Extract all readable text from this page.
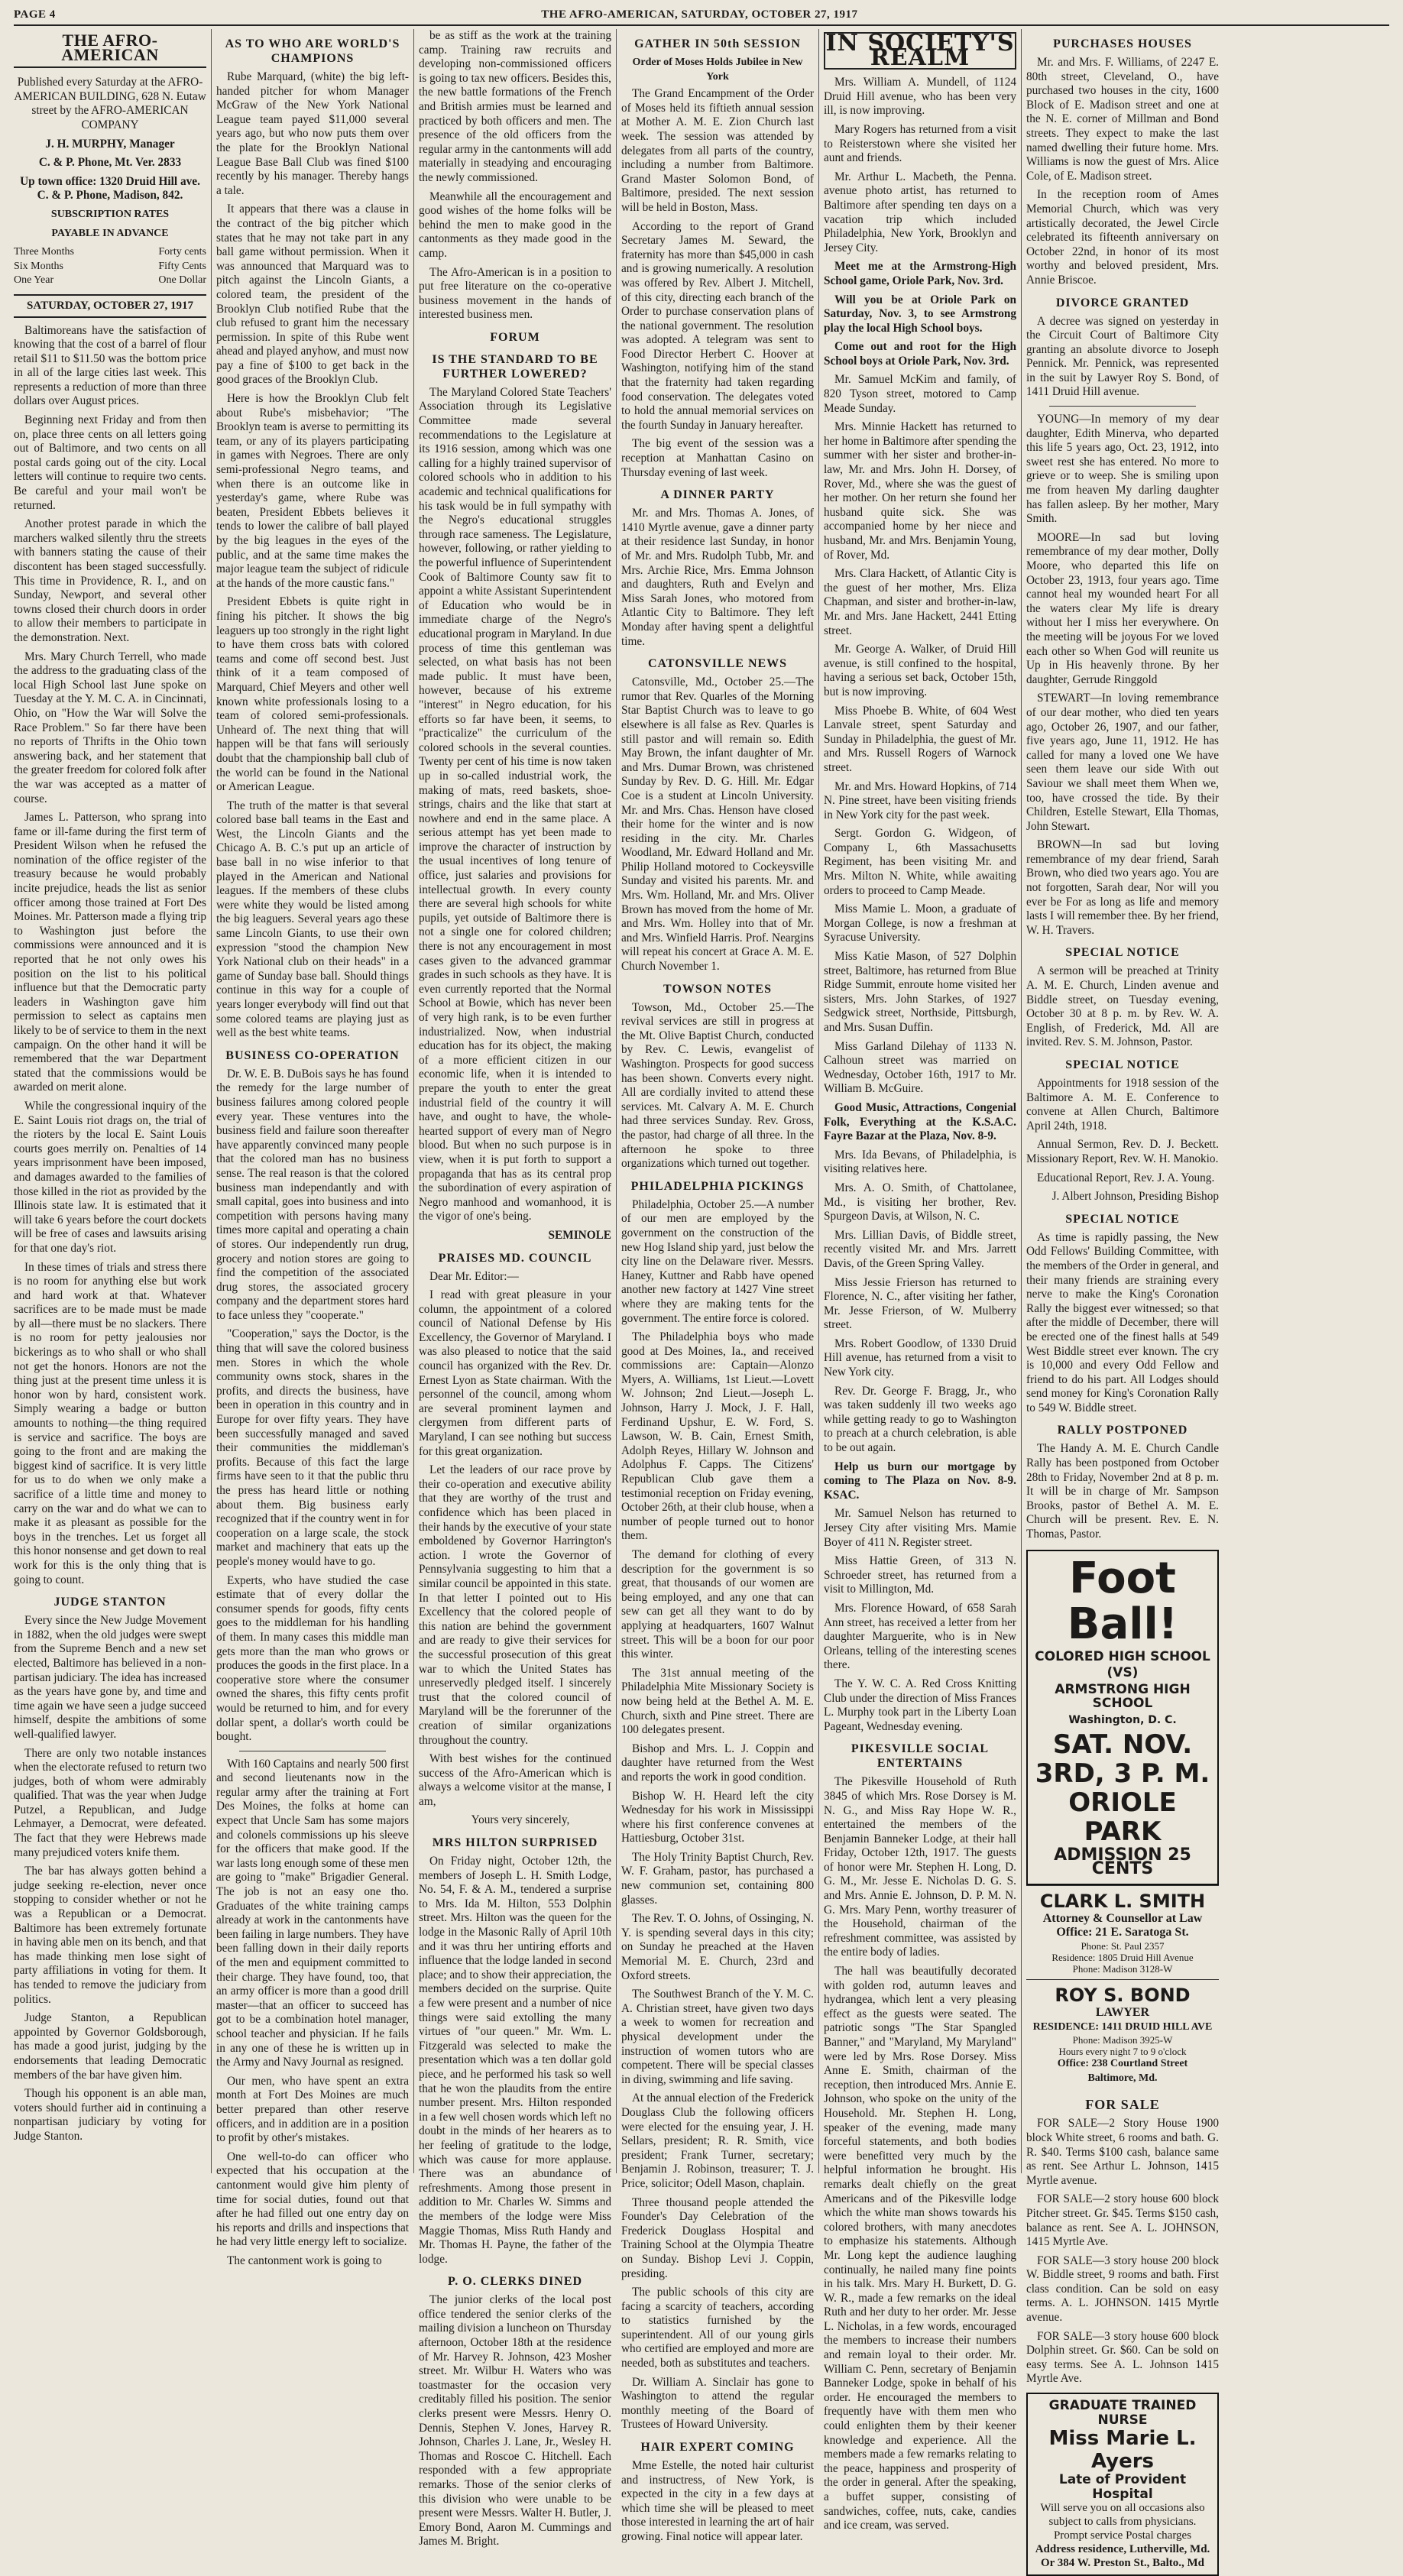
PAGE 4	THE AFRO-AMERICAN, SATURDAY, OCTOBER 27, 1917
THE AFRO-AMERICAN

Published every Saturday at the AFRO-AMERICAN BUILDING, 628 N. Eutaw street by the AFRO-AMERICAN COMPANY

J. H. MURPHY, Manager

C. & P. Phone, Mt. Ver. 2833

Up town office: 1320 Druid Hill ave. C. & P. Phone, Madison, 842.

SUBSCRIPTION RATES
PAYABLE IN ADVANCE
Three Months	Forty cents
Six Months	Fifty Cents
One Year	One Dollar
SATURDAY, OCTOBER 27, 1917

Baltimoreans have the satisfaction of knowing that the cost of a barrel of flour retail $11 to $11.50 was the bottom price in all of the large cities last week. This represents a reduction of more than three dollars over August prices.

Beginning next Friday and from then on, place three cents on all letters going out of Baltimore, and two cents on all postal cards going out of the city. Local letters will continue to require two cents. Be careful and your mail won't be returned.

Another protest parade in which the marchers walked silently thru the streets with banners stating the cause of their discontent has been staged successfully. This time in Providence, R. I., and on Sunday, Newport, and several other towns closed their church doors in order to allow their members to participate in the demonstration. Next.

Mrs. Mary Church Terrell, who made the address to the graduating class of the local High School last June spoke on Tuesday at the Y. M. C. A. in Cincinnati, Ohio, on "How the War will Solve the Race Problem." So far there have been no reports of Thrifts in the Ohio town answering back, and her statement that the greater freedom for colored folk after the war was accepted as a matter of course.

James L. Patterson, who sprang into fame or ill-fame during the first term of President Wilson when he refused the nomination of the office register of the treasury because he would probably incite prejudice, heads the list as senior officer among those trained at Fort Des Moines. Mr. Patterson made a flying trip to Washington just before the commissions were announced and it is reported that he not only owes his position on the list to his political influence but that the Democratic party leaders in Washington gave him permission to select as captains men likely to be of service to them in the next campaign. On the other hand it will be remembered that the war Department stated that the commissions would be awarded on merit alone.

While the congressional inquiry of the E. Saint Louis riot drags on, the trial of the rioters by the local E. Saint Louis courts goes merrily on. Penalties of 14 years imprisonment have been imposed, and damages awarded to the families of those killed in the riot as provided by the Illinois state law. It is estimated that it will take 6 years before the court dockets will be free of cases and lawsuits arising for that one day's riot.

In these times of trials and stress there is no room for anything else but work and hard work at that. Whatever sacrifices are to be made must be made by all—there must be no slackers. There is no room for petty jealousies nor bickerings as to who shall or who shall not get the honors. Honors are not the thing just at the present time unless it is honor won by hard, consistent work. Simply wearing a badge or button amounts to nothing—the thing required is service and sacrifice. The boys are going to the front and are making the biggest kind of sacrifice. It is very little for us to do when we only make a sacrifice of a little time and money to carry on the war and do what we can to make it as pleasant as possible for the boys in the trenches. Let us forget all this honor nonsense and get down to real work for this is the only thing that is going to count.

JUDGE STANTON

Every since the New Judge Movement in 1882, when the old judges were swept from the Supreme Bench and a new set elected, Baltimore has believed in a non-partisan judiciary. The idea has increased as the years have gone by, and time and time again we have seen a judge succeed himself, despite the ambitions of some well-qualified lawyer.

There are only two notable instances when the electorate refused to return two judges, both of whom were admirably qualified. That was the year when Judge Putzel, a Republican, and Judge Lehmayer, a Democrat, were defeated. The fact that they were Hebrews made many prejudiced voters knife them.

The bar has always gotten behind a judge seeking re-election, never once stopping to consider whether or not he was a Republican or a Democrat. Baltimore has been extremely fortunate in having able men on its bench, and that has made thinking men lose sight of party affiliations in voting for them. It has tended to remove the judiciary from politics.

Judge Stanton, a Republican appointed by Governor Goldsborough, has made a good jurist, judging by the endorsements that leading Democratic members of the bar have given him.

Though his opponent is an able man, voters should further aid in continuing a nonpartisan judiciary by voting for Judge Stanton.

AS TO WHO ARE WORLD'S CHAMPIONS

Rube Marquard, (white) the big left-handed pitcher for whom Manager McGraw of the New York National League team payed $11,000 several years ago, but who now puts them over the plate for the Brooklyn National League Base Ball Club was fined $100 recently by his manager. Thereby hangs a tale.

It appears that there was a clause in the contract of the big pitcher which states that he may not take part in any ball game without permission. When it was announced that Marquard was to pitch against the Lincoln Giants, a colored team, the president of the Brooklyn Club notified Rube that the club refused to grant him the necessary permission. In spite of this Rube went ahead and played anyhow, and must now pay a fine of $100 to get back in the good graces of the Brooklyn Club.

Here is how the Brooklyn Club felt about Rube's misbehavior; "The Brooklyn team is averse to permitting its team, or any of its players participating in games with Negroes. There are only semi-professional Negro teams, and when there is an outcome like in yesterday's game, where Rube was beaten, President Ebbets believes it tends to lower the calibre of ball played by the big leagues in the eyes of the public, and at the same time makes the major league team the subject of ridicule at the hands of the more caustic fans."

President Ebbets is quite right in fining his pitcher. It shows the big leaguers up too strongly in the right light to have them cross bats with colored teams and come off second best. Just think of it a team composed of Marquard, Chief Meyers and other well known white professionals losing to a team of colored semi-professionals. Unheard of. The next thing that will happen will be that fans will seriously doubt that the championship ball club of the world can be found in the National or American League.

The truth of the matter is that several colored base ball teams in the East and West, the Lincoln Giants and the Chicago A. B. C.'s put up an article of base ball in no wise inferior to that played in the American and National leagues. If the members of these clubs were white they would be listed among the big leaguers. Several years ago these same Lincoln Giants, to use their own expression "stood the champion New York National club on their heads" in a game of Sunday base ball. Should things continue in this way for a couple of years longer everybody will find out that some colored teams are playing just as well as the best white teams.

BUSINESS CO-OPERATION

Dr. W. E. B. DuBois says he has found the remedy for the large number of business failures among colored people every year. These ventures into the business field and failure soon thereafter have apparently convinced many people that the colored man has no business sense. The real reason is that the colored business man independantly and with small capital, goes into business and into competition with persons having many times more capital and operating a chain of stores. Our independently run drug, grocery and notion stores are going to find the competition of the associated drug stores, the associated grocery company and the department stores hard to face unless they "cooperate."

"Cooperation," says the Doctor, is the thing that will save the colored business men. Stores in which the whole community owns stock, shares in the profits, and directs the business, have been in operation in this country and in Europe for over fifty years. They have been successfully managed and saved their communities the middleman's profits. Because of this fact the large firms have seen to it that the public thru the press has heard little or nothing about them. Big business early recognized that if the country went in for cooperation on a large scale, the stock market and machinery that eats up the people's money would have to go.

Experts, who have studied the case estimate that of every dollar the consumer spends for goods, fifty cents goes to the middleman for his handling of them. In many cases this middle man gets more than the man who grows or produces the goods in the first place. In a cooperative store where the consumer owned the shares, this fifty cents profit would be returned to him, and for every dollar spent, a dollar's worth could be bought.

With 160 Captains and nearly 500 first and second lieutenants now in the regular army after the training at Fort Des Moines, the folks at home can expect that Uncle Sam has some majors and colonels commissions up his sleeve for the officers that make good. If the war lasts long enough some of these men are going to "make" Brigadier General. The job is not an easy one tho. Graduates of the white training camps already at work in the cantonments have been failing in large numbers. They have been falling down in their daily reports of the men and equipment committed to their charge. They have found, too, that an army officer is more than a good drill master—that an officer to succeed has got to be a combination hotel manager, school teacher and physician. If he fails in any one of these he is written up in the Army and Navy Journal as resigned.

Our men, who have spent an extra month at Fort Des Moines are much better prepared than other reserve officers, and in addition are in a position to profit by other's mistakes.

One well-to-do can officer who expected that his occupation at the cantonment would give him plenty of time for social duties, found out that after he had filled out one entry day on his reports and drills and inspections that he had very little energy left to socialize.

The cantonment work is going to

be as stiff as the work at the training camp. Training raw recruits and developing non-commissioned officers is going to tax new officers. Besides this, the new battle formations of the French and British armies must be learned and practiced by both officers and men. The presence of the old officers from the regular army in the cantonments will add materially in steadying and encouraging the newly commissioned.

Meanwhile all the encouragement and good wishes of the home folks will be behind the men to make good in the cantonments as they made good in the camp.

The Afro-American is in a position to put free literature on the co-operative business movement in the hands of interested business men.

FORUM
IS THE STANDARD TO BE FURTHER LOWERED?

The Maryland Colored State Teachers' Association through its Legislative Committee made several recommendations to the Legislature at its 1916 session, among which was one calling for a highly trained supervisor of colored schools who in addition to his academic and technical qualifications for his task would be in full sympathy with the Negro's educational struggles through race sameness. The Legislature, however, following, or rather yielding to the powerful influence of Superintendent Cook of Baltimore County saw fit to appoint a white Assistant Superintendent of Education who would be in immediate charge of the Negro's educational program in Maryland. In due process of time this gentleman was selected, on what basis has not been made public. It must have been, however, because of his extreme "interest" in Negro education, for his efforts so far have been, it seems, to "practicalize" the curriculum of the colored schools in the several counties. Twenty per cent of his time is now taken up in so-called industrial work, the making of mats, reed baskets, shoe-strings, chairs and the like that start at nowhere and end in the same place. A serious attempt has yet been made to improve the character of instruction by the usual incentives of long tenure of office, just salaries and provisions for intellectual growth. In every county there are several high schools for white pupils, yet outside of Baltimore there is not a single one for colored children; there is not any encouragement in most cases given to the advanced grammar grades in such schools as they have. It is even currently reported that the Normal School at Bowie, which has never been of very high rank, is to be even further industrialized. Now, when industrial education has for its object, the making of a more efficient citizen in our economic life, when it is intended to prepare the youth to enter the great industrial field of the country it will have, and ought to have, the whole-hearted support of every man of Negro blood. But when no such purpose is in view, when it is put forth to support a propaganda that has as its central prop the subordination of every aspiration of Negro manhood and womanhood, it is the vigor of one's being.

SEMINOLE

PRAISES MD. COUNCIL

Dear Mr. Editor:—

I read with great pleasure in your column, the appointment of a colored council of National Defense by His Excellency, the Governor of Maryland. I was also pleased to notice that the said council has organized with the Rev. Dr. Ernest Lyon as State chairman. With the personnel of the council, among whom are several prominent laymen and clergymen from different parts of Maryland, I can see nothing but success for this great organization.

Let the leaders of our race prove by their co-operation and executive ability that they are worthy of the trust and confidence which has been placed in their hands by the executive of your state emboldened by Governor Harrington's action. I wrote the Governor of Pennsylvania suggesting to him that a similar council be appointed in this state. In that letter I pointed out to His Excellency that the colored people of this nation are behind the government and are ready to give their services for the successful prosecution of this great war to which the United States has unreservedly pledged itself. I sincerely trust that the colored council of Maryland will be the forerunner of the creation of similar organizations throughout the country.

With best wishes for the continued success of the Afro-American which is always a welcome visitor at the manse, I am,

Yours very sincerely,

MRS HILTON SURPRISED

On Friday night, October 12th, the members of Joseph L. H. Smith Lodge, No. 54, F. & A. M., tendered a surprise to Mrs. Ida M. Hilton, 553 Dolphin street. Mrs. Hilton was the queen for the lodge in the Masonic Rally of April 10th and it was thru her untiring efforts and influence that the lodge landed in second place; and to show their appreciation, the members decided on the surprise. Quite a few were present and a number of nice things were said extolling the many virtues of "our queen." Mr. Wm. L. Fitzgerald was selected to make the presentation which was a ten dollar gold piece, and he performed his task so well that he won the plaudits from the entire number present. Mrs. Hilton responded in a few well chosen words which left no doubt in the minds of her hearers as to her feeling of gratitude to the lodge, which was cause for more applause. There was an abundance of refreshments. Among those present in addition to Mr. Charles W. Simms and the members of the lodge were Miss Maggie Thomas, Miss Ruth Handy and Mr. Thomas H. Payne, the father of the lodge.

P. O. CLERKS DINED

The junior clerks of the local post office tendered the senior clerks of the mailing division a luncheon on Thursday afternoon, October 18th at the residence of Mr. Harvey R. Johnson, 423 Mosher street. Mr. Wilbur H. Waters who was toastmaster for the occasion very creditably filled his position. The senior clerks present were Messrs. Henry O. Dennis, Stephen V. Jones, Harvey R. Johnson, Charles J. Lane, Jr., Wesley H. Thomas and Roscoe C. Hitchell. Each responded with a few appropriate remarks. Those of the senior clerks of this division who were unable to be present were Messrs. Walter H. Butler, J. Emory Bond, Aaron M. Cummings and James M. Bright.

GATHER IN 50th SESSION
Order of Moses Holds Jubilee in New York

The Grand Encampment of the Order of Moses held its fiftieth annual session at Mother A. M. E. Zion Church last week. The session was attended by delegates from all parts of the country, including a number from Baltimore. Grand Master Solomon Bond, of Baltimore, presided. The next session will be held in Boston, Mass.

According to the report of Grand Secretary James M. Seward, the fraternity has more than $45,000 in cash and is growing numerically. A resolution was offered by Rev. Albert J. Mitchell, of this city, directing each branch of the Order to purchase conservation plans of the national government. The resolution was adopted. A telegram was sent to Food Director Herbert C. Hoover at Washington, notifying him of the stand that the fraternity had taken regarding food conservation. The delegates voted to hold the annual memorial services on the fourth Sunday in January hereafter.

The big event of the session was a reception at Manhattan Casino on Thursday evening of last week.

A DINNER PARTY

Mr. and Mrs. Thomas A. Jones, of 1410 Myrtle avenue, gave a dinner party at their residence last Sunday, in honor of Mr. and Mrs. Rudolph Tubb, Mr. and Mrs. Archie Rice, Mrs. Emma Johnson and daughters, Ruth and Evelyn and Miss Sarah Jones, who motored from Atlantic City to Baltimore. They left Monday after having spent a delightful time.

CATONSVILLE NEWS

Catonsville, Md., October 25.—The rumor that Rev. Quarles of the Morning Star Baptist Church was to leave to go elsewhere is all false as Rev. Quarles is still pastor and will remain so. Edith May Brown, the infant daughter of Mr. and Mrs. Dumar Brown, was christened Sunday by Rev. D. G. Hill. Mr. Edgar Coe is a student at Lincoln University. Mr. and Mrs. Chas. Henson have closed their home for the winter and is now residing in the city. Mr. Charles Woodland, Mr. Edward Holland and Mr. Philip Holland motored to Cockeysville Sunday and visited his parents. Mr. and Mrs. Wm. Holland, Mr. and Mrs. Oliver Brown has moved from the home of Mr. and Mrs. Wm. Holley into that of Mr. and Mrs. Winfield Harris. Prof. Neargins will repeat his concert at Grace A. M. E. Church November 1.

TOWSON NOTES

Towson, Md., October 25.—The revival services are still in progress at the Mt. Olive Baptist Church, conducted by Rev. C. Lewis, evangelist of Washington. Prospects for good success has been shown. Converts every night. All are cordially invited to attend these services. Mt. Calvary A. M. E. Church had three services Sunday. Rev. Gross, the pastor, had charge of all three. In the afternoon he spoke to three organizations which turned out together.

PHILADELPHIA PICKINGS

Philadelphia, October 25.—A number of our men are employed by the government on the construction of the new Hog Island ship yard, just below the city line on the Delaware river. Messrs. Haney, Kuttner and Rabb have opened another new factory at 1427 Vine street where they are making tents for the government. The entire force is colored.

The Philadelphia boys who made good at Des Moines, Ia., and received commissions are: Captain—Alonzo Myers, A. Williams, 1st Lieut.—Lovett W. Johnson; 2nd Lieut.—Joseph L. Johnson, Harry J. Mock, J. F. Hall, Ferdinand Upshur, E. W. Ford, S. Lawson, W. B. Cain, Ernest Smith, Adolph Reyes, Hillary W. Johnson and Adolphus F. Capps. The Citizens' Republican Club gave them a testimonial reception on Friday evening, October 26th, at their club house, when a number of people turned out to honor them.

The demand for clothing of every description for the government is so great, that thousands of our women are being employed, and any one that can sew can get all they want to do by applying at headquarters, 1607 Walnut street. This will be a boon for our poor this winter.

The 31st annual meeting of the Philadelphia Mite Missionary Society is now being held at the Bethel A. M. E. Church, sixth and Pine street. There are 100 delegates present.

Bishop and Mrs. L. J. Coppin and daughter have returned from the West and reports the work in good condition.

Bishop W. H. Heard left the city Wednesday for his work in Mississippi where his first conference convenes at Hattiesburg, October 31st.

The Holy Trinity Baptist Church, Rev. W. F. Graham, pastor, has purchased a new communion set, containing 800 glasses.

The Rev. T. O. Johns, of Ossinging, N. Y. is spending several days in this city; on Sunday he preached at the Haven Memorial M. E. Church, 23rd and Oxford streets.

The Southwest Branch of the Y. M. C. A. Christian street, have given two days a week to women for recreation and physical development under the instruction of women tutors who are competent. There will be special classes in diving, swimming and life saving.

At the annual election of the Frederick Douglass Club the following officers were elected for the ensuing year, J. H. Sellars, president; R. R. Smith, vice president; Frank Turner, secretary; Benjamin J. Robinson, treasurer; T. J. Price, solicitor; Odell Mason, chaplain.

Three thousand people attended the Founder's Day Celebration of the Frederick Douglass Hospital and Training School at the Olympia Theatre on Sunday. Bishop Levi J. Coppin, presiding.

The public schools of this city are facing a scarcity of teachers, according to statistics furnished by the superintendent. All of our young girls who certified are employed and more are needed, both as substitutes and teachers.

Dr. William A. Sinclair has gone to Washington to attend the regular monthly meeting of the Board of Trustees of Howard University.

HAIR EXPERT COMING

Mme Estelle, the noted hair culturist and instructress, of New York, is expected in the city in a few days at which time she will be pleased to meet those interested in learning the art of hair growing. Final notice will appear later.

IN SOCIETY'S REALM

Mrs. William A. Mundell, of 1124 Druid Hill avenue, who has been very ill, is now improving.

Mary Rogers has returned from a visit to Reisterstown where she visited her aunt and friends.

Mr. Arthur L. Macbeth, the Penna. avenue photo artist, has returned to Baltimore after spending ten days on a vacation trip which included Philadelphia, New York, Brooklyn and Jersey City.

Meet me at the Armstrong-High School game, Oriole Park, Nov. 3rd.

Will you be at Oriole Park on Saturday, Nov. 3, to see Armstrong play the local High School boys.

Come out and root for the High School boys at Oriole Park, Nov. 3rd.

Mr. Samuel McKim and family, of 820 Tyson street, motored to Camp Meade Sunday.

Mrs. Minnie Hackett has returned to her home in Baltimore after spending the summer with her sister and brother-in-law, Mr. and Mrs. John H. Dorsey, of Rover, Md., where she was the guest of her mother. On her return she found her husband quite sick. She was accompanied home by her niece and husband, Mr. and Mrs. Benjamin Young, of Rover, Md.

Mrs. Clara Hackett, of Atlantic City is the guest of her mother, Mrs. Eliza Chapman, and sister and brother-in-law, Mr. and Mrs. Jane Hackett, 2441 Etting street.

Mr. George A. Walker, of Druid Hill avenue, is still confined to the hospital, having a serious set back, October 15th, but is now improving.

Miss Phoebe B. White, of 604 West Lanvale street, spent Saturday and Sunday in Philadelphia, the guest of Mr. and Mrs. Russell Rogers of Warnock street.

Mr. and Mrs. Howard Hopkins, of 714 N. Pine street, have been visiting friends in New York city for the past week.

Sergt. Gordon G. Widgeon, of Company L, 6th Massachusetts Regiment, has been visiting Mr. and Mrs. Milton N. White, while awaiting orders to proceed to Camp Meade.

Miss Mamie L. Moon, a graduate of Morgan College, is now a freshman at Syracuse University.

Miss Katie Mason, of 527 Dolphin street, Baltimore, has returned from Blue Ridge Summit, enroute home visited her sisters, Mrs. John Starkes, of 1927 Sedgwick street, Northside, Pittsburgh, and Mrs. Susan Duffin.

Miss Garland Dilehay of 1133 N. Calhoun street was married on Wednesday, October 16th, 1917 to Mr. William B. McGuire.

Good Music, Attractions, Congenial Folk, Everything at the K.S.A.C. Fayre Bazar at the Plaza, Nov. 8-9.

Mrs. Ida Bevans, of Philadelphia, is visiting relatives here.

Mrs. A. O. Smith, of Chattolanee, Md., is visiting her brother, Rev. Spurgeon Davis, at Wilson, N. C.

Mrs. Lillian Davis, of Biddle street, recently visited Mr. and Mrs. Jarrett Davis, of the Green Spring Valley.

Miss Jessie Frierson has returned to Florence, N. C., after visiting her father, Mr. Jesse Frierson, of W. Mulberry street.

Mrs. Robert Goodlow, of 1330 Druid Hill avenue, has returned from a visit to New York city.

Rev. Dr. George F. Bragg, Jr., who was taken suddenly ill two weeks ago while getting ready to go to Washington to preach at a church celebration, is able to be out again.

Help us burn our mortgage by coming to The Plaza on Nov. 8-9. KSAC.

Mr. Samuel Nelson has returned to Jersey City after visiting Mrs. Mamie Boyer of 411 N. Register street.

Miss Hattie Green, of 313 N. Schroeder street, has returned from a visit to Millington, Md.

Mrs. Florence Howard, of 658 Sarah Ann street, has received a letter from her daughter Marguerite, who is in New Orleans, telling of the interesting scenes there.

The Y. W. C. A. Red Cross Knitting Club under the direction of Miss Frances L. Murphy took part in the Liberty Loan Pageant, Wednesday evening.

PIKESVILLE SOCIAL ENTERTAINS

The Pikesville Household of Ruth 3845 of which Mrs. Rose Dorsey is M. N. G., and Miss Ray Hope W. R., entertained the members of the Benjamin Banneker Lodge, at their hall Friday, October 12th, 1917. The guests of honor were Mr. Stephen H. Long, D. G. M., Mr. Jesse E. Nicholas D. G. S. and Mrs. Annie E. Johnson, D. P. M. N. G. Mrs. Mary Penn, worthy treasurer of the Household, chairman of the refreshment committee, was assisted by the entire body of ladies.

The hall was beautifully decorated with golden rod, autumn leaves and hydrangea, which lent a very pleasing effect as the guests were seated. The patriotic songs "The Star Spangled Banner," and "Maryland, My Maryland" were led by Mrs. Rose Dorsey. Miss Anne E. Smith, chairman of the reception, then introduced Mrs. Annie E. Johnson, who spoke on the unity of the Household. Mr. Stephen H. Long, speaker of the evening, made many forceful statements, and both bodies were benefitted very much by the helpful information he brought. His remarks dealt chiefly on the great Americans and of the Pikesville lodge which the white man shows towards his colored brothers, with many anecdotes to emphasize his statements. Although Mr. Long kept the audience laughing continually, he nailed many fine points in his talk. Mrs. Mary H. Burkett, D. G. W. R., made a few remarks on the ideal Ruth and her duty to her order. Mr. Jesse L. Nicholas, in a few words, encouraged the members to increase their numbers and remain loyal to their order. Mr. William C. Penn, secretary of Benjamin Banneker Lodge, spoke in behalf of his order. He encouraged the members to frequently have with them men who could enlighten them by their keener knowledge and experience. All the members made a few remarks relating to the peace, happiness and prosperity of the order in general. After the speaking, a buffet supper, consisting of sandwiches, coffee, nuts, cake, candies and ice cream, was served.

PURCHASES HOUSES

Mr. and Mrs. F. Williams, of 2247 E. 80th street, Cleveland, O., have purchased two houses in the city, 1600 Block of E. Madison street and one at the N. E. corner of Millman and Bond streets. They expect to make the last named dwelling their future home. Mrs. Williams is now the guest of Mrs. Alice Cole, of E. Madison street.

In the reception room of Ames Memorial Church, which was very artistically decorated, the Jewel Circle celebrated its fifteenth anniversary on October 22nd, in honor of its most worthy and beloved president, Mrs. Annie Briscoe.

DIVORCE GRANTED

A decree was signed on yesterday in the Circuit Court of Baltimore City granting an absolute divorce to Joseph Pennick. Mr. Pennick, was represented in the suit by Lawyer Roy S. Bond, of 1411 Druid Hill avenue.

YOUNG—In memory of my dear daughter, Edith Minerva, who departed this life 5 years ago, Oct. 23, 1912, into sweet rest she has entered. No more to grieve or to weep. She is smiling upon me from heaven My darling daughter has fallen asleep. By her mother, Mary Smith.

MOORE—In sad but loving remembrance of my dear mother, Dolly Moore, who departed this life on October 23, 1913, four years ago. Time cannot heal my wounded heart For all the waters clear My life is dreary without her I miss her everywhere. On the meeting will be joyous For we loved each other so When God will reunite us Up in His heavenly throne. By her daughter, Gerrude Ringgold

STEWART—In loving remembrance of our dear mother, who died ten years ago, October 26, 1907, and our father, five years ago, June 11, 1912. He has called for many a loved one We have seen them leave our side With out Saviour we shall meet them When we, too, have crossed the tide. By their Children, Estelle Stewart, Ella Thomas, John Stewart.

BROWN—In sad but loving remembrance of my dear friend, Sarah Brown, who died two years ago. You are not forgotten, Sarah dear, Nor will you ever be For as long as life and memory lasts I will remember thee. By her friend, W. H. Travers.

SPECIAL NOTICE

A sermon will be preached at Trinity A. M. E. Church, Linden avenue and Biddle street, on Tuesday evening, October 30 at 8 p. m. by Rev. W. A. English, of Frederick, Md. All are invited. Rev. S. M. Johnson, Pastor.

SPECIAL NOTICE

Appointments for 1918 session of the Baltimore A. M. E. Conference to convene at Allen Church, Baltimore April 24th, 1918.

Annual Sermon, Rev. D. J. Beckett. Missionary Report, Rev. W. H. Manokio.

Educational Report, Rev. J. A. Young.

J. Albert Johnson, Presiding Bishop

SPECIAL NOTICE

As time is rapidly passing, the New Odd Fellows' Building Committee, with the members of the Order in general, and their many friends are straining every nerve to make the King's Coronation Rally the biggest ever witnessed; so that after the middle of December, there will be erected one of the finest halls at 549 West Biddle street ever known. The cry is 10,000 and every Odd Fellow and friend to do his part. All Lodges should send money for King's Coronation Rally to 549 W. Biddle street.

RALLY POSTPONED

The Handy A. M. E. Church Candle Rally has been postponed from October 28th to Friday, November 2nd at 8 p. m. It will be in charge of Mr. Sampson Brooks, pastor of Bethel A. M. E. Church will be present. Rev. E. N. Thomas, Pastor.

Foot Ball!
COLORED HIGH SCHOOL
(VS)
ARMSTRONG HIGH SCHOOL
Washington, D. C.
SAT. NOV. 3RD, 3 P. M.
ORIOLE PARK
ADMISSION 25 CENTS
CLARK L. SMITH
Attorney & Counsellor at Law
Office: 21 E. Saratoga St.
Phone: St. Paul 2357
Residence: 1805 Druid Hill Avenue
Phone: Madison 3128-W
ROY S. BOND
LAWYER
RESIDENCE: 1411 DRUID HILL AVE
Phone: Madison 3925-W
Hours every night 7 to 9 o'clock
Office: 238 Courtland Street
Baltimore, Md.
FOR SALE

FOR SALE—2 Story House 1900 block White street, 6 rooms and bath. G. R. $40. Terms $100 cash, balance same as rent. See Arthur L. Johnson, 1415 Myrtle avenue.

FOR SALE—2 story house 600 block Pitcher street. Gr. $45. Terms $150 cash, balance as rent. See A. L. JOHNSON, 1415 Myrtle Ave.

FOR SALE—3 story house 200 block W. Biddle street, 9 rooms and bath. First class condition. Can be sold on easy terms. A. L. JOHNSON. 1415 Myrtle avenue.

FOR SALE—3 story house 600 block Dolphin street. Gr. $60. Can be sold on easy terms. See A. L. Johnson 1415 Myrtle Ave.

GRADUATE TRAINED NURSE
Miss Marie L. Ayers
Late of Provident Hospital
Will serve you on all occasions also subject to calls from physicians. Prompt service Postal charges
Address residence, Lutherville, Md.
Or 384 W. Preston St., Balto., Md
